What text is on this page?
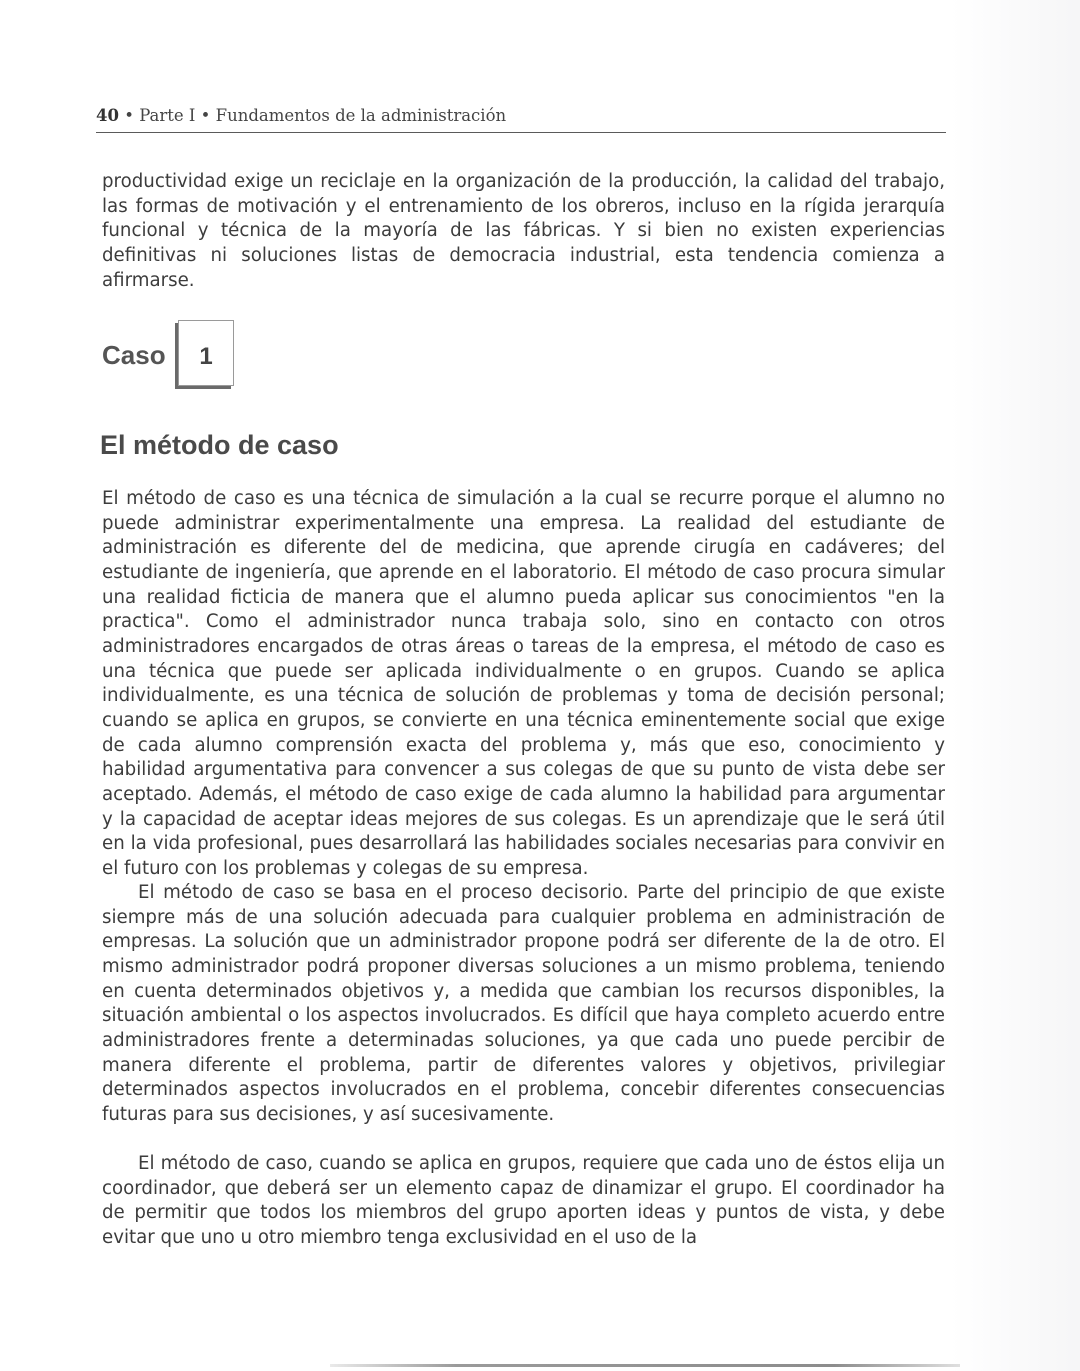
40 • Parte I • Fundamentos de la administración

productividad exige un reciclaje en la organización de la producción, la calidad del trabajo, las formas de motivación y el entrenamiento de los obreros, incluso en la rígida jerarquía funcional y técnica de la mayoría de las fábricas. Y si bien no existen experiencias definitivas ni soluciones listas de democracia industrial, esta tendencia comienza a afirmarse.

Caso	1
El método de caso

El método de caso es una técnica de simulación a la cual se recurre porque el alumno no puede administrar experimentalmente una empresa. La realidad del estudiante de administración es diferente del de medicina, que aprende cirugía en cadáveres; del estudiante de ingeniería, que aprende en el laboratorio. El método de caso procura simular una realidad ficticia de manera que el alumno pueda aplicar sus conocimientos "en la practica". Como el administrador nunca trabaja solo, sino en contacto con otros administradores encargados de otras áreas o tareas de la empresa, el método de caso es una técnica que puede ser aplicada individualmente o en grupos. Cuando se aplica individualmente, es una técnica de solución de problemas y toma de decisión personal; cuando se aplica en grupos, se convierte en una técnica eminentemente social que exige de cada alumno comprensión exacta del problema y, más que eso, conocimiento y habilidad argumentativa para convencer a sus colegas de que su punto de vista debe ser aceptado. Además, el método de caso exige de cada alumno la habilidad para argumentar y la capacidad de aceptar ideas mejores de sus colegas. Es un aprendizaje que le será útil en la vida profesional, pues desarrollará las habilidades sociales necesarias para convivir en el futuro con los problemas y colegas de su empresa.

El método de caso se basa en el proceso decisorio. Parte del principio de que existe siempre más de una solución adecuada para cualquier problema en administración de empresas. La solución que un administrador propone podrá ser diferente de la de otro. El mismo administrador podrá proponer diversas soluciones a un mismo problema, teniendo en cuenta determinados objetivos y, a medida que cambian los recursos disponibles, la situación ambiental o los aspectos involucrados. Es difícil que haya completo acuerdo entre administradores frente a determinadas soluciones, ya que cada uno puede percibir de manera diferente el problema, partir de diferentes valores y objetivos, privilegiar determinados aspectos involucrados en el problema, concebir diferentes consecuencias futuras para sus decisiones, y así sucesivamente.

El método de caso, cuando se aplica en grupos, requiere que cada uno de éstos elija un coordinador, que deberá ser un elemento capaz de dinamizar el grupo. El coordinador ha de permitir que todos los miembros del grupo aporten ideas y puntos de vista, y debe evitar que uno u otro miembro tenga exclusividad en el uso de la
